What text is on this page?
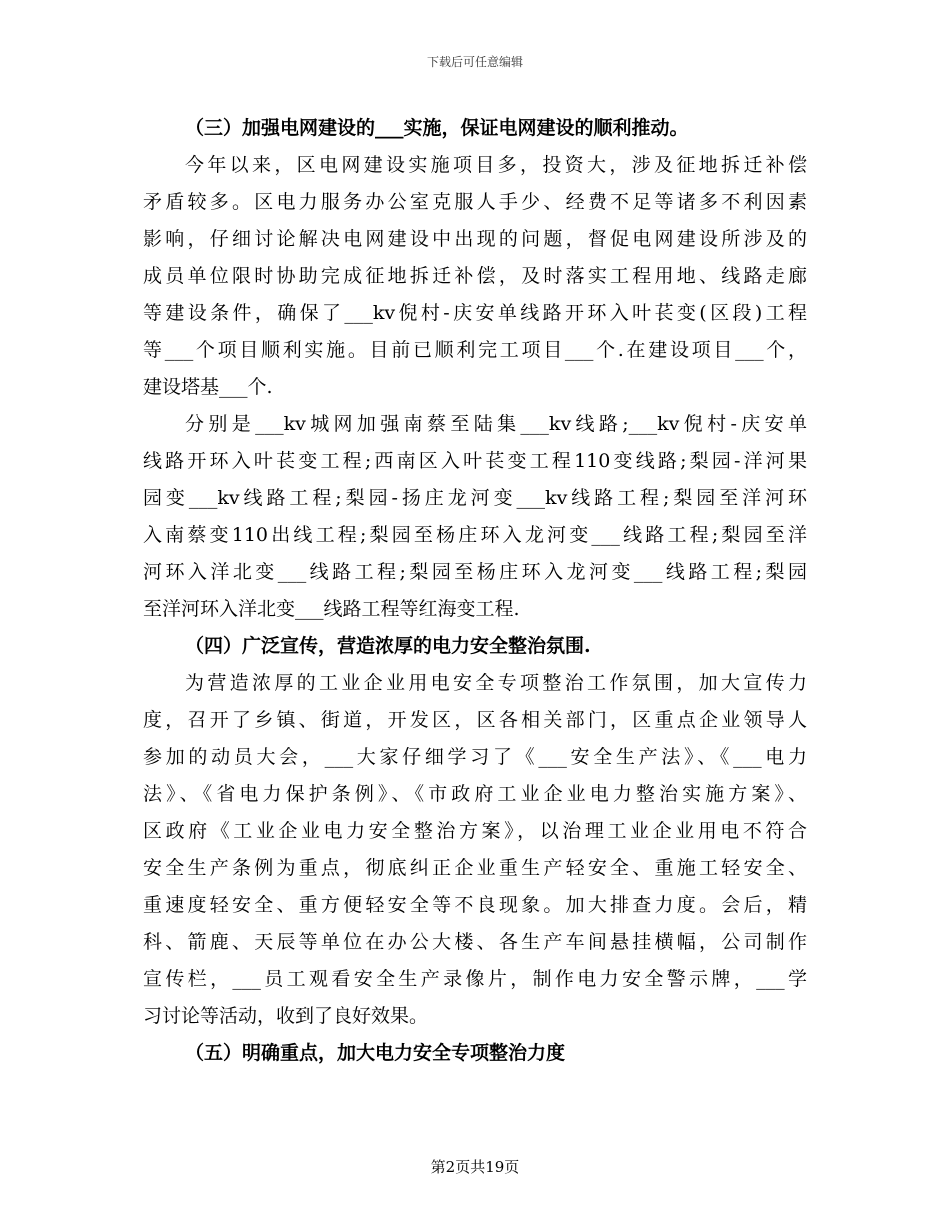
下载后可任意编辑
（三）加强电网建设的___实施，保证电网建设的顺利推动。
今年以来，区电网建设实施项目多，投资大，涉及征地拆迁补偿
矛盾较多。区电力服务办公室克服人手少、经费不足等诸多不利因素
影响，仔细讨论解决电网建设中出现的问题，督促电网建设所涉及的
成员单位限时协助完成征地拆迁补偿，及时落实工程用地、线路走廊
等建设条件，确保了___kv倪村-庆安单线路开环入叶苌变(区段)工程
等___个项目顺利实施。目前已顺利完工项目___个.在建设项目___个，
建设塔基___个.
分别是___kv城网加强南蔡至陆集___kv线路;___kv倪村-庆安单
线路开环入叶苌变工程;西南区入叶苌变工程110变线路;梨园-洋河果
园变___kv线路工程;梨园-扬庄龙河变___kv线路工程;梨园至洋河环
入南蔡变110出线工程;梨园至杨庄环入龙河变___线路工程;梨园至洋
河环入洋北变___线路工程;梨园至杨庄环入龙河变___线路工程;梨园
至洋河环入洋北变___线路工程等红海变工程.
（四）广泛宣传，营造浓厚的电力安全整治氛围.
为营造浓厚的工业企业用电安全专项整治工作氛围，加大宣传力
度，召开了乡镇、街道，开发区，区各相关部门，区重点企业领导人
参加的动员大会，___大家仔细学习了《___安全生产法》、《___电力
法》、《省电力保护条例》、《市政府工业企业电力整治实施方案》、
区政府《工业企业电力安全整治方案》，以治理工业企业用电不符合
安全生产条例为重点，彻底纠正企业重生产轻安全、重施工轻安全、
重速度轻安全、重方便轻安全等不良现象。加大排查力度。会后，精
科、箭鹿、天辰等单位在办公大楼、各生产车间悬挂横幅，公司制作
宣传栏，___员工观看安全生产录像片，制作电力安全警示牌，___学
习讨论等活动，收到了良好效果。
（五）明确重点，加大电力安全专项整治力度
第2页共19页
